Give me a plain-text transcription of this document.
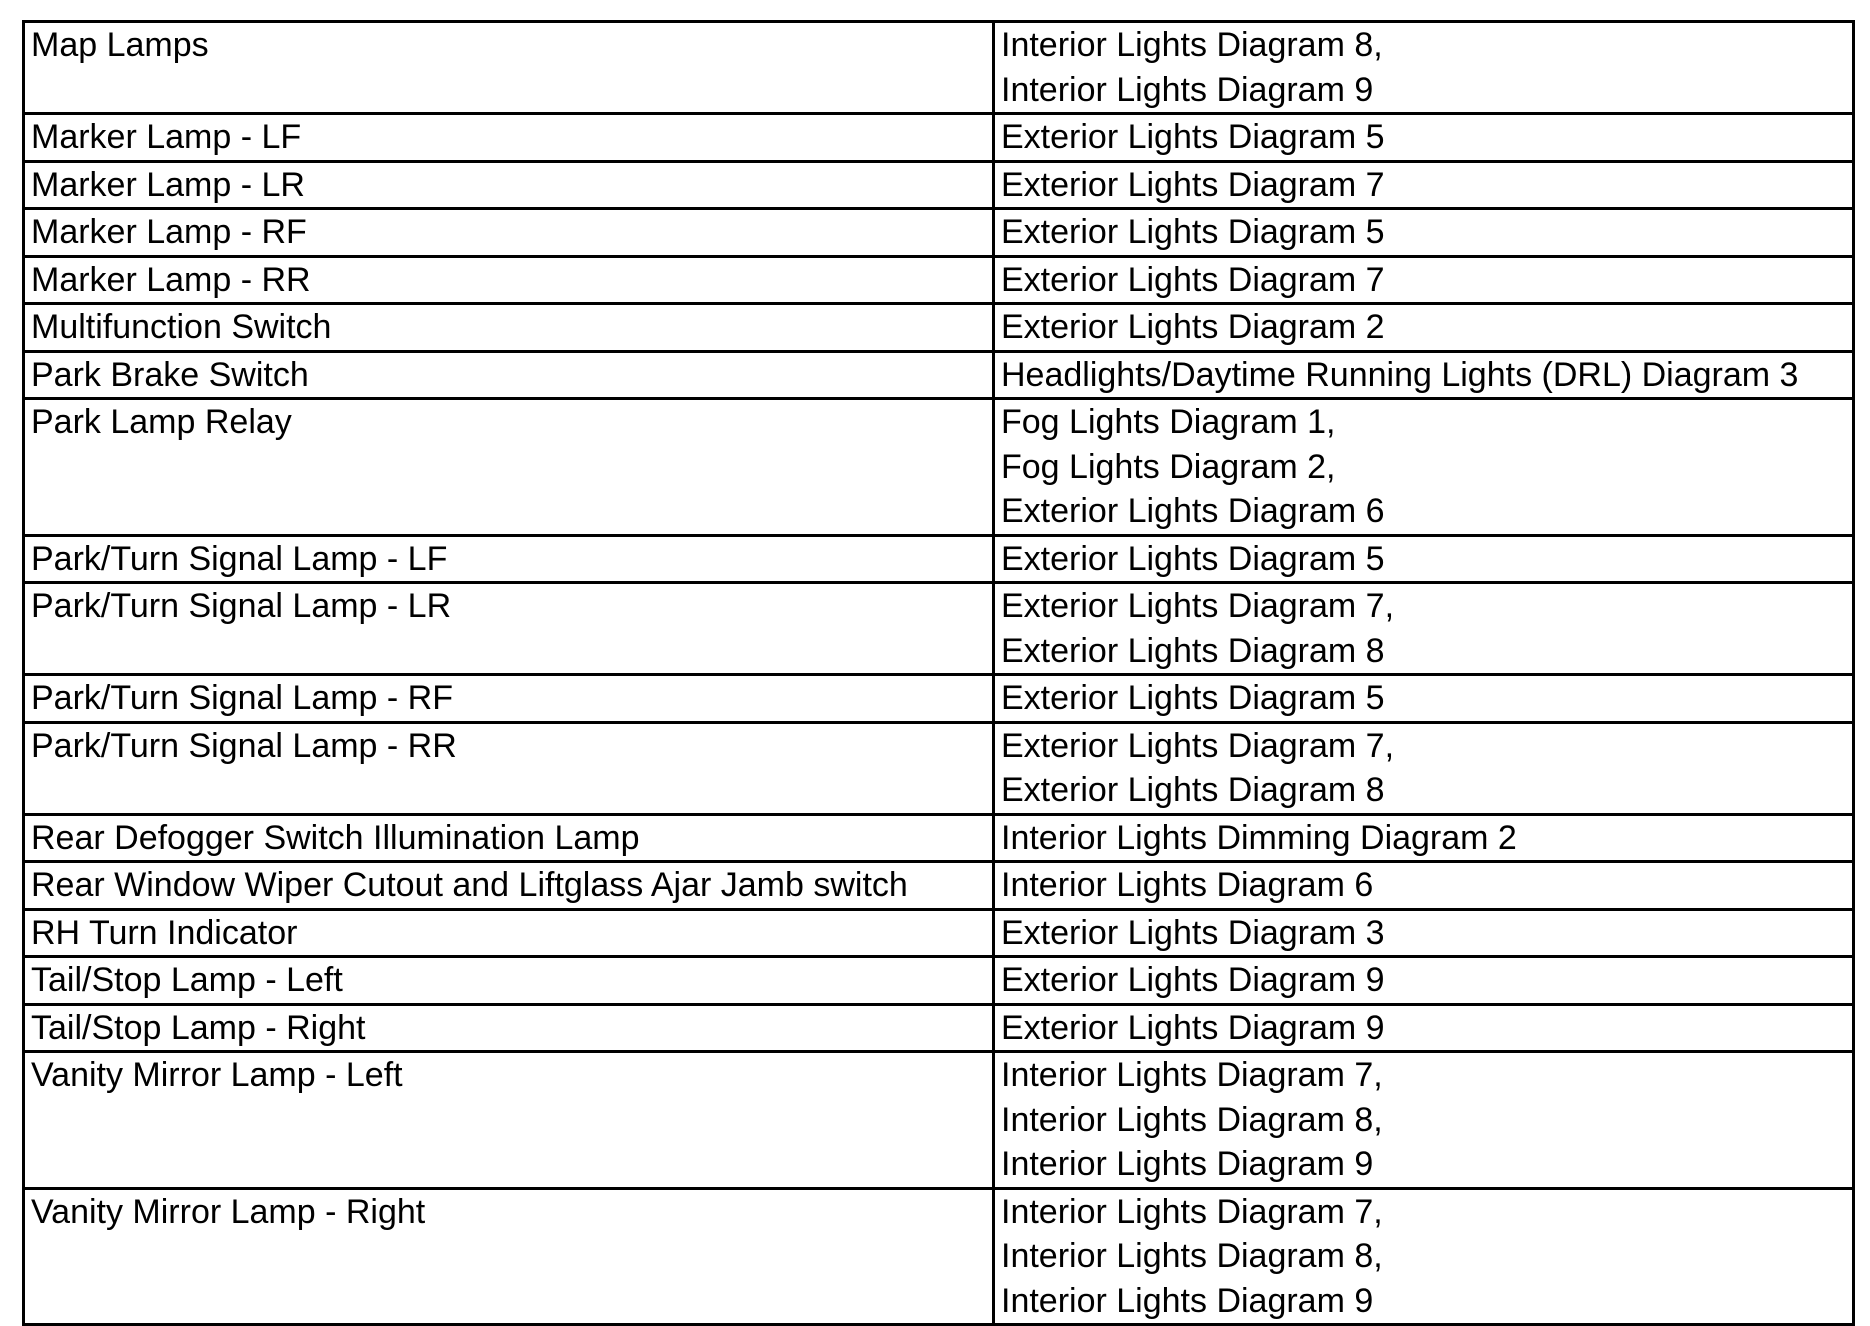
Map Lamps	Interior Lights Diagram 8,
Interior Lights Diagram 9

Marker Lamp - LF	Exterior Lights Diagram 5

Marker Lamp - LR	Exterior Lights Diagram 7

Marker Lamp - RF	Exterior Lights Diagram 5

Marker Lamp - RR	Exterior Lights Diagram 7

Multifunction Switch	Exterior Lights Diagram 2

Park Brake Switch	Headlights/Daytime Running Lights (DRL) Diagram 3

Park Lamp Relay	Fog Lights Diagram 1,
Fog Lights Diagram 2,
Exterior Lights Diagram 6

Park/Turn Signal Lamp - LF	Exterior Lights Diagram 5

Park/Turn Signal Lamp - LR	Exterior Lights Diagram 7,
Exterior Lights Diagram 8

Park/Turn Signal Lamp - RF	Exterior Lights Diagram 5

Park/Turn Signal Lamp - RR	Exterior Lights Diagram 7,
Exterior Lights Diagram 8

Rear Defogger Switch Illumination Lamp	Interior Lights Dimming Diagram 2

Rear Window Wiper Cutout and Liftglass Ajar Jamb switch	Interior Lights Diagram 6

RH Turn Indicator	Exterior Lights Diagram 3

Tail/Stop Lamp - Left	Exterior Lights Diagram 9

Tail/Stop Lamp - Right	Exterior Lights Diagram 9

Vanity Mirror Lamp - Left	Interior Lights Diagram 7,
Interior Lights Diagram 8,
Interior Lights Diagram 9

Vanity Mirror Lamp - Right	Interior Lights Diagram 7,
Interior Lights Diagram 8,
Interior Lights Diagram 9
